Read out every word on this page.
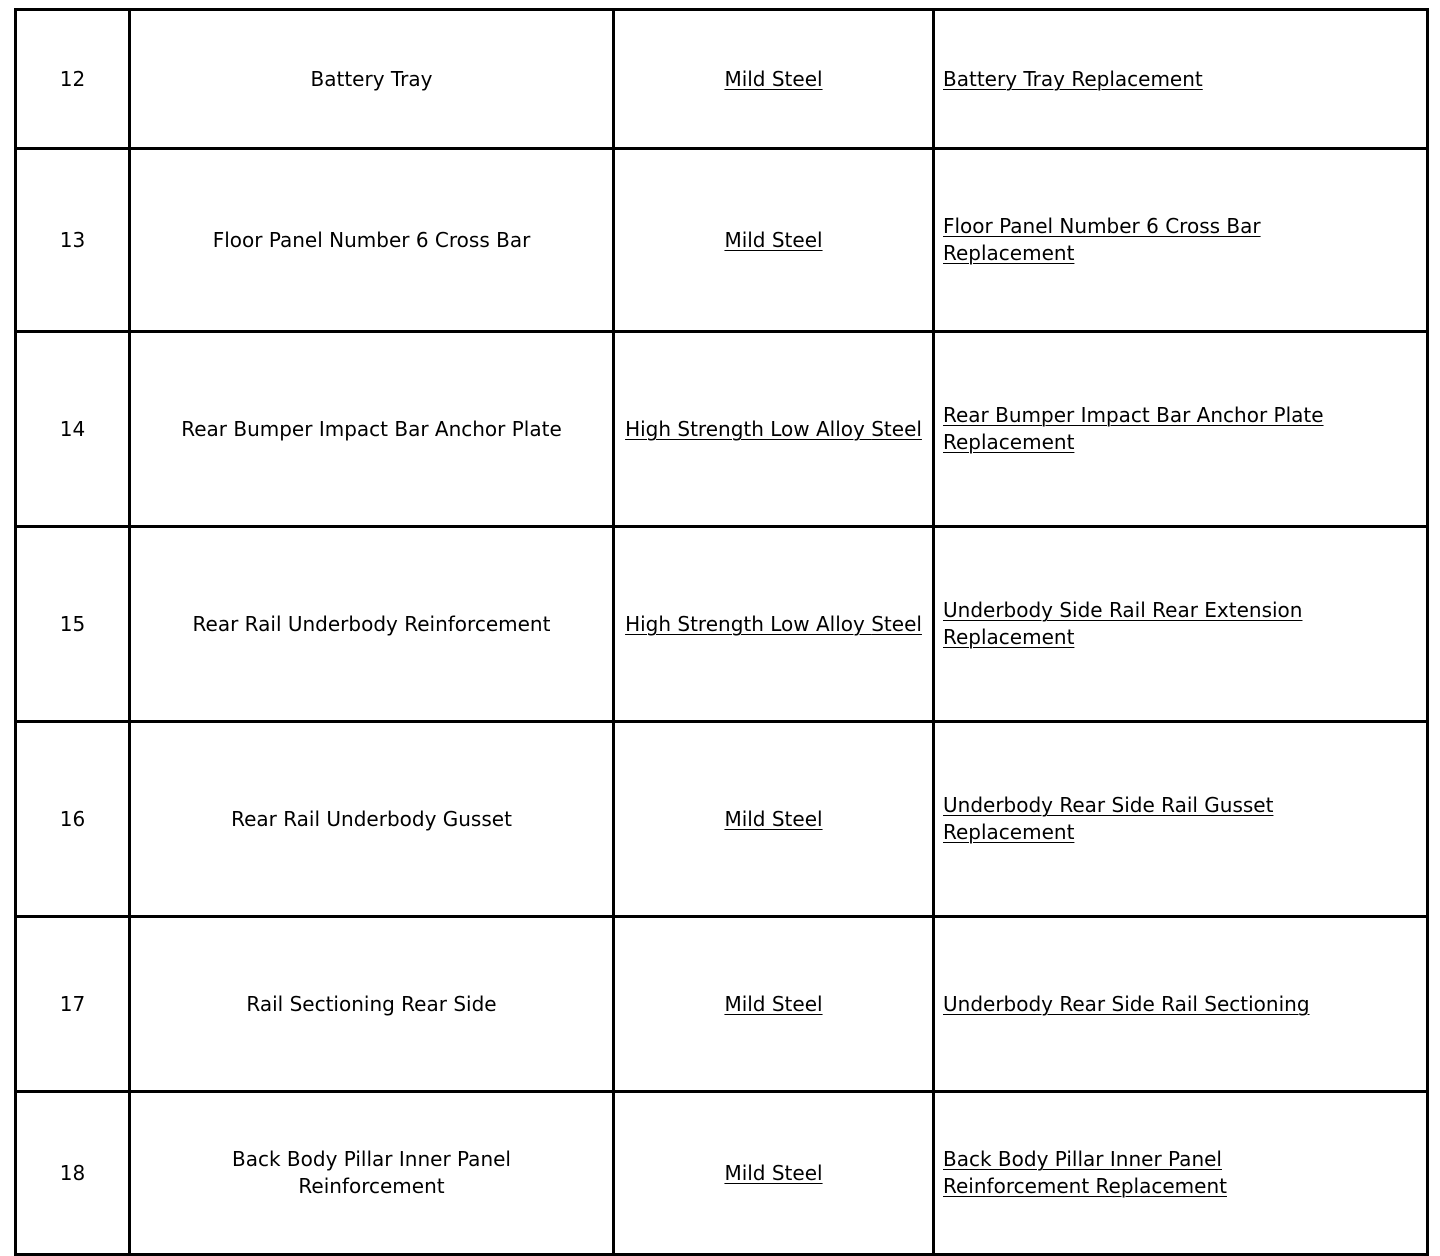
12	Battery Tray	Mild Steel	Battery Tray Replacement

13	Floor Panel Number 6 Cross Bar	Mild Steel	Floor Panel Number 6 Cross Bar
Replacement

14	Rear Bumper Impact Bar Anchor Plate	High Strength Low Alloy Steel	Rear Bumper Impact Bar Anchor Plate
Replacement

15	Rear Rail Underbody Reinforcement	High Strength Low Alloy Steel	Underbody Side Rail Rear Extension
Replacement

16	Rear Rail Underbody Gusset	Mild Steel	Underbody Rear Side Rail Gusset
Replacement

17	Rail Sectioning Rear Side	Mild Steel	Underbody Rear Side Rail Sectioning

18	Back Body Pillar Inner Panel
Reinforcement	Mild Steel	Back Body Pillar Inner Panel
Reinforcement Replacement
